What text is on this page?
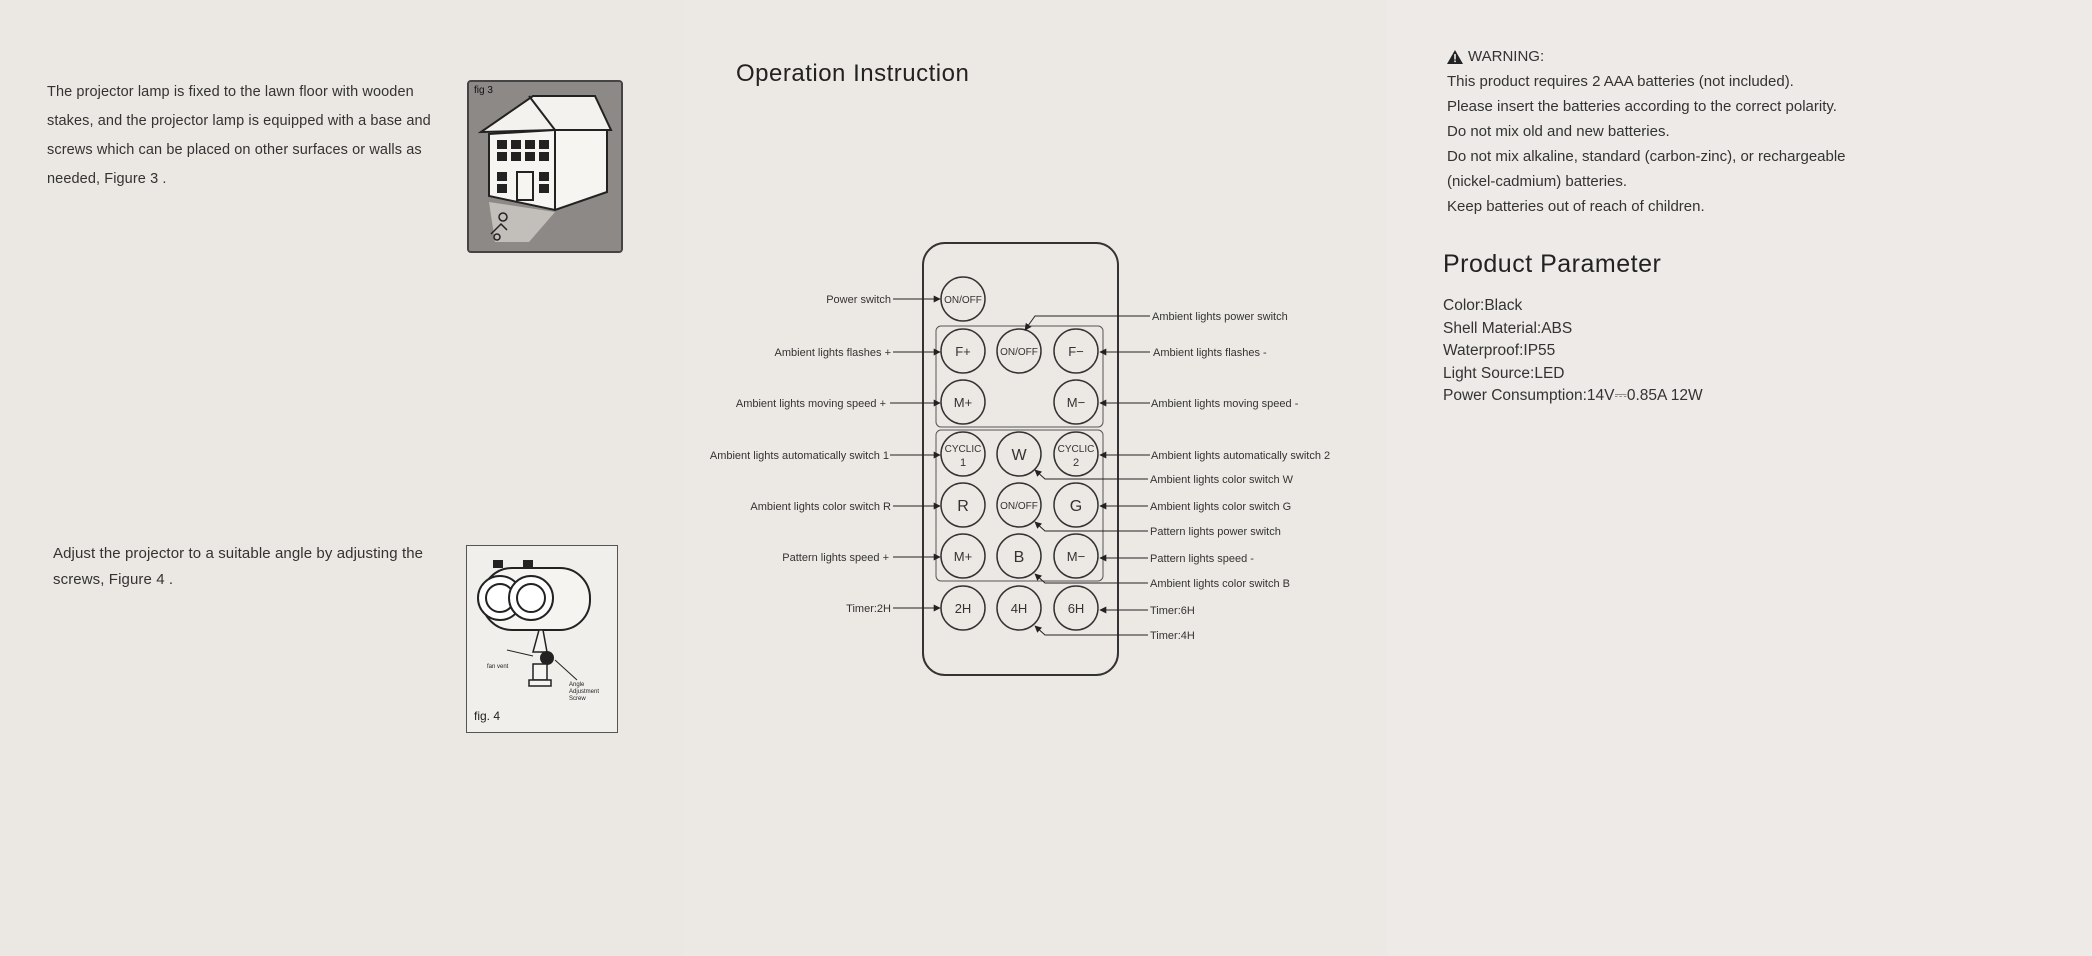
The projector lamp is fixed to the lawn floor with wooden stakes, and the projector lamp is equipped with a base and screws which can be placed on other surfaces or walls as needed, Figure 3 .
fig 3
Adjust the projector to a suitable angle by adjusting the screws, Figure 4 .
fan vent
Angle Adjustment Screw
fig. 4
Operation Instruction
ON/OFF
F+	ON/OFF F−
M+	M−
CYCLIC
1	W	CYCLIC
2
R	ON/OFF G
M+	B	M−
2H	4H	6H
Power switch
Ambient lights flashes +
Ambient lights moving speed +
Ambient lights automatically switch 1
Ambient lights color switch R
Pattern lights speed +
Timer:2H
Ambient lights power switch
Ambient lights flashes -
Ambient lights moving speed -
Ambient lights automatically switch 2
Ambient lights color switch W
Ambient lights color switch G
Pattern lights power switch
Pattern lights speed -
Ambient lights color switch B
Timer:6H
Timer:4H
WARNING:
This product requires 2 AAA batteries (not included).
Please insert the batteries according to the correct polarity.
Do not mix old and new batteries.
Do not mix alkaline, standard (carbon-zinc), or rechargeable
(nickel-cadmium) batteries.
Keep batteries out of reach of children.
Product Parameter
Color:Black
Shell Material:ABS
Waterproof:IP55
Light Source:LED
Power Consumption:14V⎓0.85A 12W
